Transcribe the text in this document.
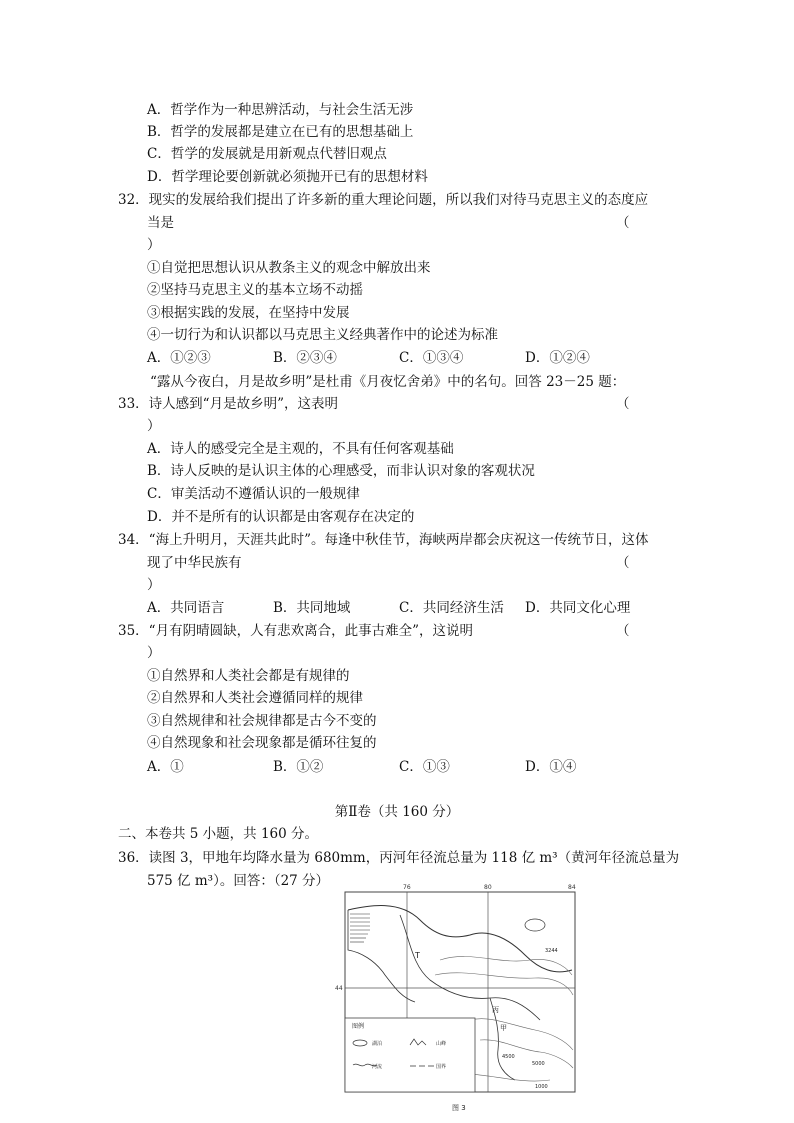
A．哲学作为一种思辨活动，与社会生活无涉
B．哲学的发展都是建立在已有的思想基础上
C．哲学的发展就是用新观点代替旧观点
D．哲学理论要创新就必须抛开已有的思想材料
32．现实的发展给我们提出了许多新的重大理论问题，所以我们对待马克思主义的态度应
当是	（
）
①自觉把思想认识从教条主义的观念中解放出来
②坚持马克思主义的基本立场不动摇
③根据实践的发展，在坚持中发展
④一切行为和认识都以马克思主义经典著作中的论述为标准
A．①②③	B．②③④	C．①③④	D．①②④
“露从今夜白，月是故乡明”是杜甫《月夜忆舍弟》中的名句。回答 23－25 题：
33．诗人感到“月是故乡明”，这表明	（
）
A．诗人的感受完全是主观的，不具有任何客观基础
B．诗人反映的是认识主体的心理感受，而非认识对象的客观状况
C．审美活动不遵循认识的一般规律
D．并不是所有的认识都是由客观存在决定的
34．“海上升明月，天涯共此时”。每逢中秋佳节，海峡两岸都会庆祝这一传统节日，这体
现了中华民族有	（
）
A．共同语言	B．共同地域	C．共同经济生活 D．共同文化心理
35．“月有阴晴圆缺，人有悲欢离合，此事古难全”，这说明	（
）
①自然界和人类社会都是有规律的
②自然界和人类社会遵循同样的规律
③自然规律和社会规律都是古今不变的
④自然现象和社会现象都是循环往复的
A．①	B．①②	C．①③	D．①④
第Ⅱ卷（共 160 分）
二、本卷共 5 小题，共 160 分。
36．读图 3，甲地年均降水量为 680mm，丙河年径流总量为 118 亿 m³（黄河年径流总量为
575 亿 m³）。回答：（27 分）	76	80	84
44
T
丙
甲
3244
1000
4500
5000
图例
湖泊	山峰
河流	国界
图 3
